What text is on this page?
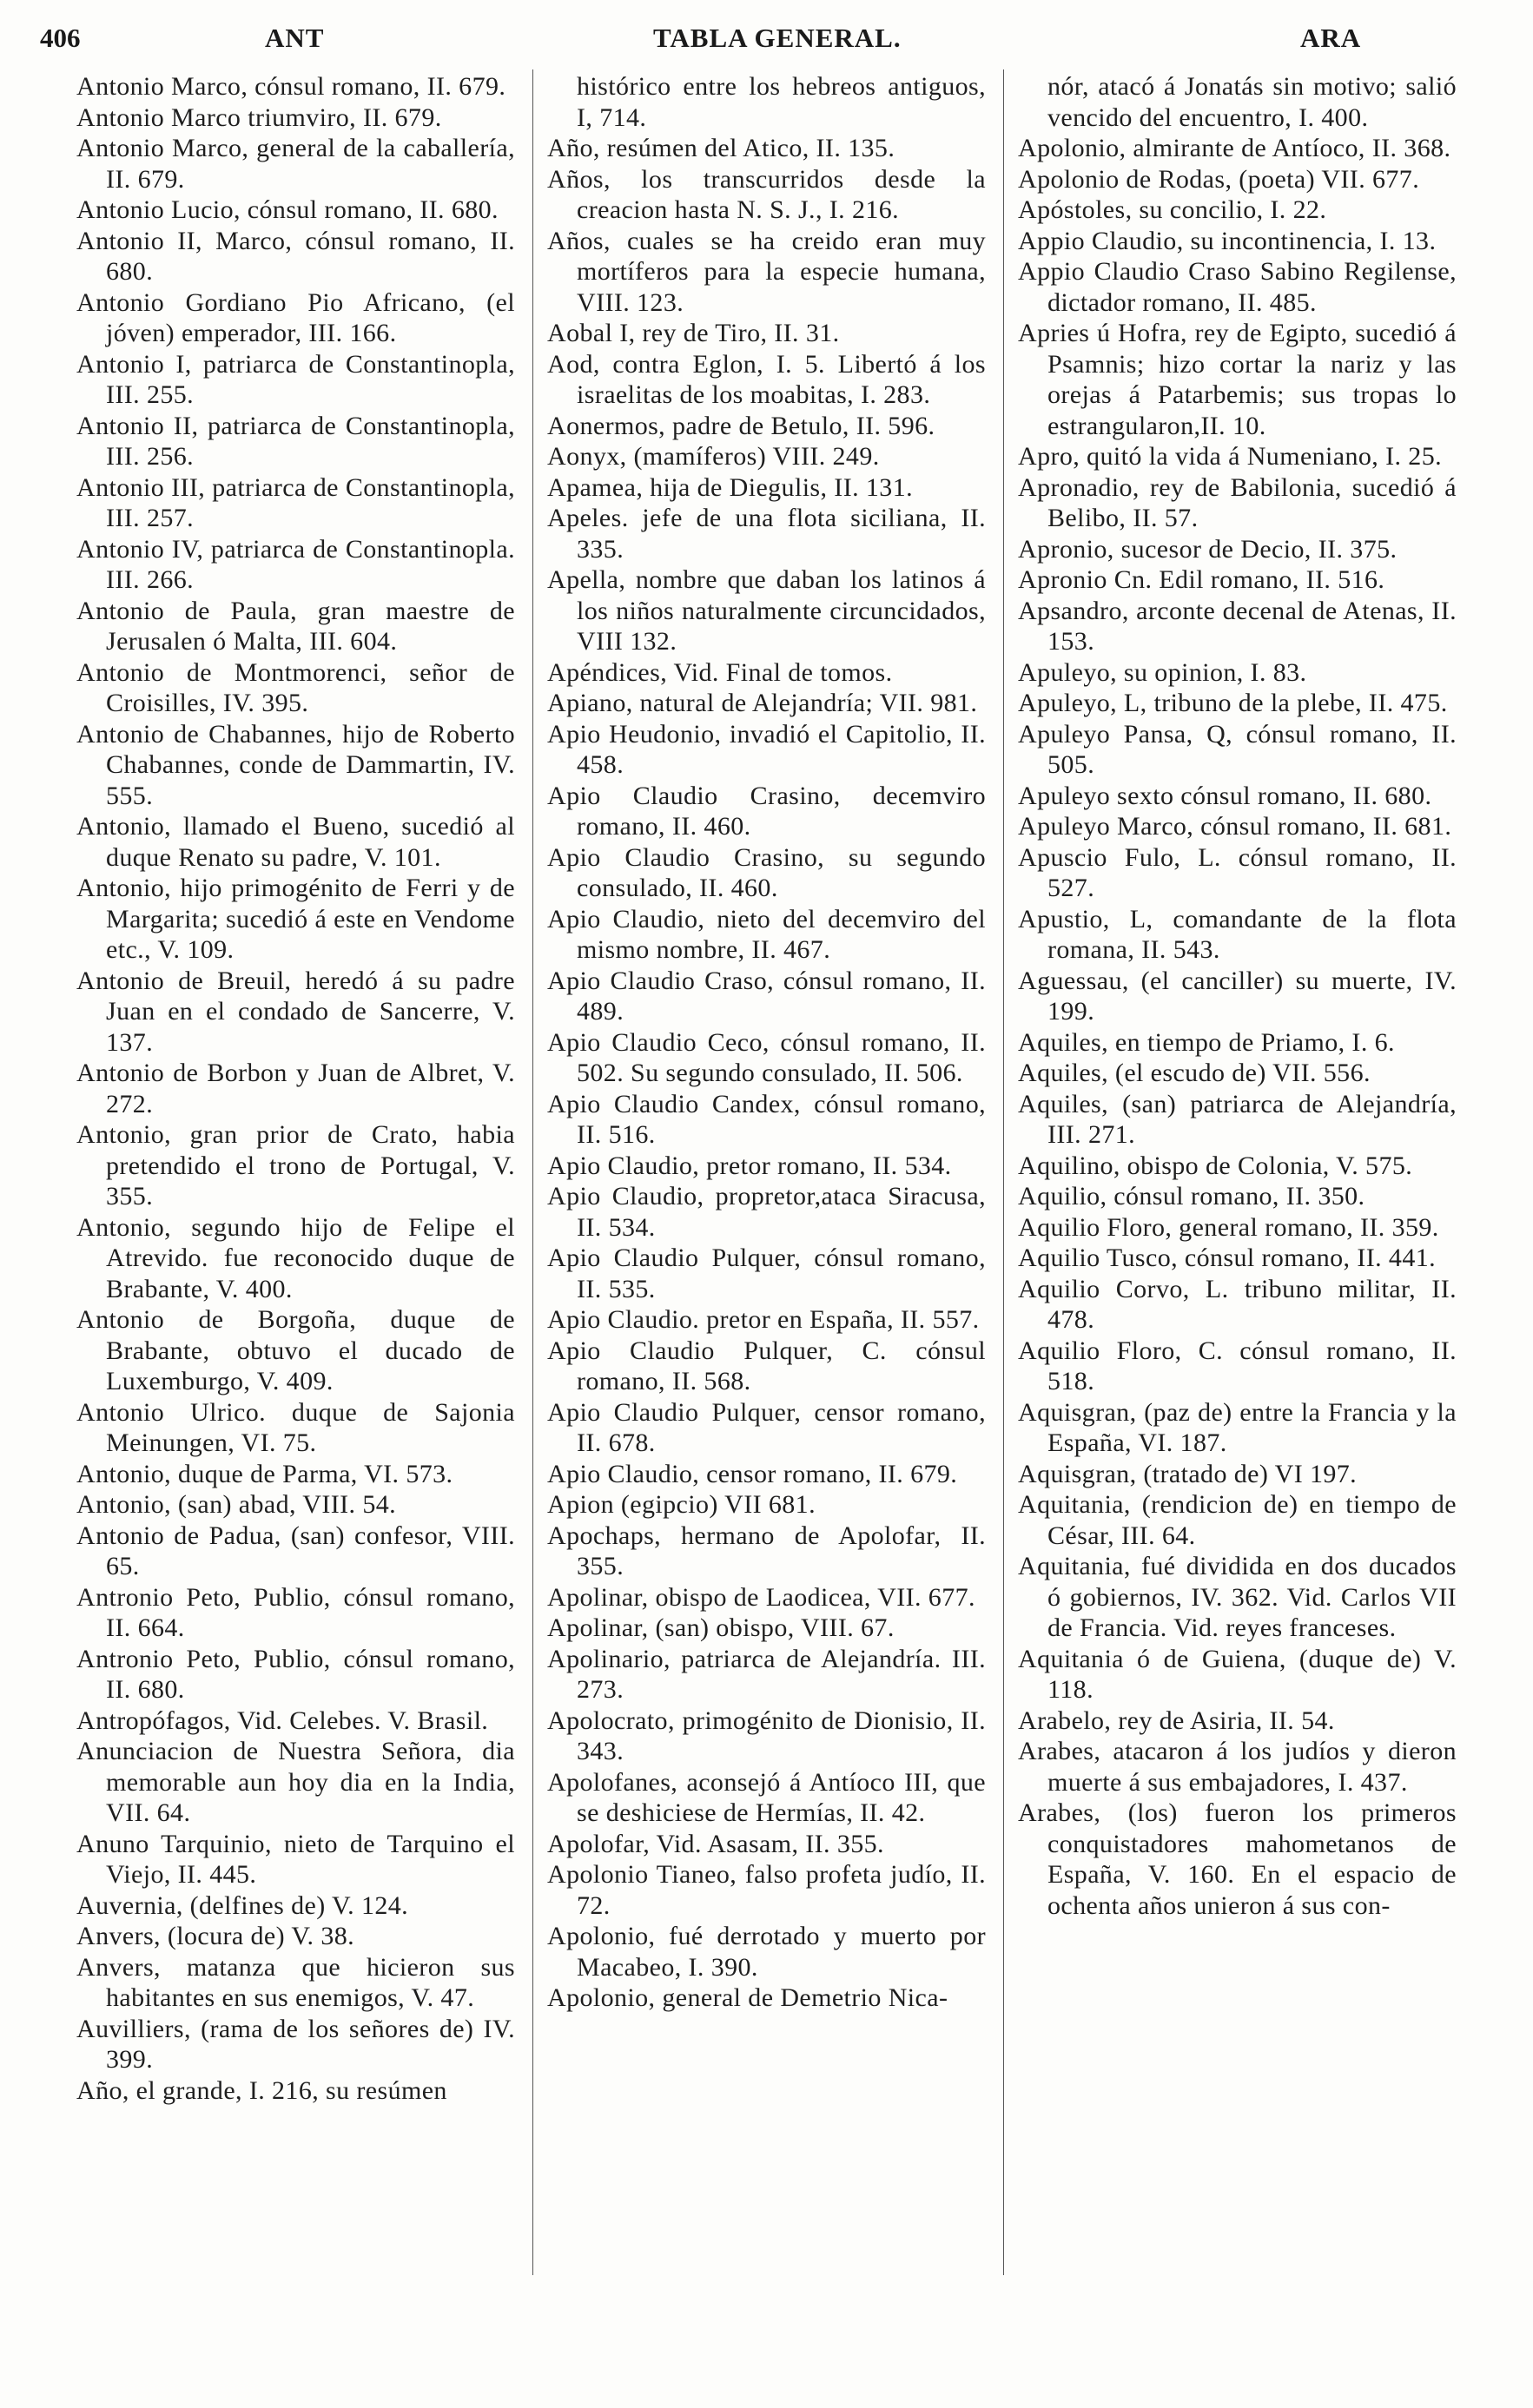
406	ANT	TABLA GENERAL.	ARA

Antonio Marco, cónsul romano, II. 679.

Antonio Marco triumviro, II. 679.

Antonio Marco, general de la caballería, II. 679.

Antonio Lucio, cónsul romano, II. 680.

Antonio II, Marco, cónsul romano, II. 680.

Antonio Gordiano Pio Africano, (el jóven) emperador, III. 166.

Antonio I, patriarca de Constantinopla, III. 255.

Antonio II, patriarca de Constantinopla, III. 256.

Antonio III, patriarca de Constantinopla, III. 257.

Antonio IV, patriarca de Constantinopla. III. 266.

Antonio de Paula, gran maestre de Jerusalen ó Malta, III. 604.

Antonio de Montmorenci, señor de Croisilles, IV. 395.

Antonio de Chabannes, hijo de Roberto Chabannes, conde de Dammartin, IV. 555.

Antonio, llamado el Bueno, sucedió al duque Renato su padre, V. 101.

Antonio, hijo primogénito de Ferri y de Margarita; sucedió á este en Vendome etc., V. 109.

Antonio de Breuil, heredó á su padre Juan en el condado de Sancerre, V. 137.

Antonio de Borbon y Juan de Albret, V. 272.

Antonio, gran prior de Crato, habia pretendido el trono de Portugal, V. 355.

Antonio, segundo hijo de Felipe el Atrevido. fue reconocido duque de Brabante, V. 400.

Antonio de Borgoña, duque de Brabante, obtuvo el ducado de Luxemburgo, V. 409.

Antonio Ulrico. duque de Sajonia Meinungen, VI. 75.

Antonio, duque de Parma, VI. 573.

Antonio, (san) abad, VIII. 54.

Antonio de Padua, (san) confesor, VIII. 65.

Antronio Peto, Publio, cónsul romano, II. 664.

Antronio Peto, Publio, cónsul romano, II. 680.

Antropófagos, Vid. Celebes. V. Brasil.

Anunciacion de Nuestra Señora, dia memorable aun hoy dia en la India, VII. 64.

Anuno Tarquinio, nieto de Tarquino el Viejo, II. 445.

Auvernia, (delfines de) V. 124.

Anvers, (locura de) V. 38.

Anvers, matanza que hicieron sus habitantes en sus enemigos, V. 47.

Auvilliers, (rama de los señores de) IV. 399.

Año, el grande, I. 216, su resúmen

histórico entre los hebreos antiguos, I, 714.

Año, resúmen del Atico, II. 135.

Años, los transcurridos desde la creacion hasta N. S. J., I. 216.

Años, cuales se ha creido eran muy mortíferos para la especie humana, VIII. 123.

Aobal I, rey de Tiro, II. 31.

Aod, contra Eglon, I. 5. Libertó á los israelitas de los moabitas, I. 283.

Aonermos, padre de Betulo, II. 596.

Aonyx, (mamíferos) VIII. 249.

Apamea, hija de Diegulis, II. 131.

Apeles. jefe de una flota siciliana, II. 335.

Apella, nombre que daban los latinos á los niños naturalmente circuncidados, VIII 132.

Apéndices, Vid. Final de tomos.

Apiano, natural de Alejandría; VII. 981.

Apio Heudonio, invadió el Capitolio, II. 458.

Apio Claudio Crasino, decemviro romano, II. 460.

Apio Claudio Crasino, su segundo consulado, II. 460.

Apio Claudio, nieto del decemviro del mismo nombre, II. 467.

Apio Claudio Craso, cónsul romano, II. 489.

Apio Claudio Ceco, cónsul romano, II. 502. Su segundo consulado, II. 506.

Apio Claudio Candex, cónsul romano, II. 516.

Apio Claudio, pretor romano, II. 534.

Apio Claudio, propretor,ataca Siracusa, II. 534.

Apio Claudio Pulquer, cónsul romano, II. 535.

Apio Claudio. pretor en España, II. 557.

Apio Claudio Pulquer, C. cónsul romano, II. 568.

Apio Claudio Pulquer, censor romano, II. 678.

Apio Claudio, censor romano, II. 679.

Apion (egipcio) VII 681.

Apochaps, hermano de Apolofar, II. 355.

Apolinar, obispo de Laodicea, VII. 677.

Apolinar, (san) obispo, VIII. 67.

Apolinario, patriarca de Alejandría. III. 273.

Apolocrato, primogénito de Dionisio, II. 343.

Apolofanes, aconsejó á Antíoco III, que se deshiciese de Hermías, II. 42.

Apolofar, Vid. Asasam, II. 355.

Apolonio Tianeo, falso profeta judío, II. 72.

Apolonio, fué derrotado y muerto por Macabeo, I. 390.

Apolonio, general de Demetrio Nica-

nór, atacó á Jonatás sin motivo; salió vencido del encuentro, I. 400.

Apolonio, almirante de Antíoco, II. 368.

Apolonio de Rodas, (poeta) VII. 677.

Apóstoles, su concilio, I. 22.

Appio Claudio, su incontinencia, I. 13.

Appio Claudio Craso Sabino Regilense, dictador romano, II. 485.

Apries ú Hofra, rey de Egipto, sucedió á Psamnis; hizo cortar la nariz y las orejas á Patarbemis; sus tropas lo estrangularon,II. 10.

Apro, quitó la vida á Numeniano, I. 25.

Apronadio, rey de Babilonia, sucedió á Belibo, II. 57.

Apronio, sucesor de Decio, II. 375.

Apronio Cn. Edil romano, II. 516.

Apsandro, arconte decenal de Atenas, II. 153.

Apuleyo, su opinion, I. 83.

Apuleyo, L, tribuno de la plebe, II. 475.

Apuleyo Pansa, Q, cónsul romano, II. 505.

Apuleyo sexto cónsul romano, II. 680.

Apuleyo Marco, cónsul romano, II. 681.

Apuscio Fulo, L. cónsul romano, II. 527.

Apustio, L, comandante de la flota romana, II. 543.

Aguessau, (el canciller) su muerte, IV. 199.

Aquiles, en tiempo de Priamo, I. 6.

Aquiles, (el escudo de) VII. 556.

Aquiles, (san) patriarca de Alejandría, III. 271.

Aquilino, obispo de Colonia, V. 575.

Aquilio, cónsul romano, II. 350.

Aquilio Floro, general romano, II. 359.

Aquilio Tusco, cónsul romano, II. 441.

Aquilio Corvo, L. tribuno militar, II. 478.

Aquilio Floro, C. cónsul romano, II. 518.

Aquisgran, (paz de) entre la Francia y la España, VI. 187.

Aquisgran, (tratado de) VI 197.

Aquitania, (rendicion de) en tiempo de César, III. 64.

Aquitania, fué dividida en dos ducados ó gobiernos, IV. 362. Vid. Carlos VII de Francia. Vid. reyes franceses.

Aquitania ó de Guiena, (duque de) V. 118.

Arabelo, rey de Asiria, II. 54.

Arabes, atacaron á los judíos y dieron muerte á sus embajadores, I. 437.

Arabes, (los) fueron los primeros conquistadores mahometanos de España, V. 160. En el espacio de ochenta años unieron á sus con-
